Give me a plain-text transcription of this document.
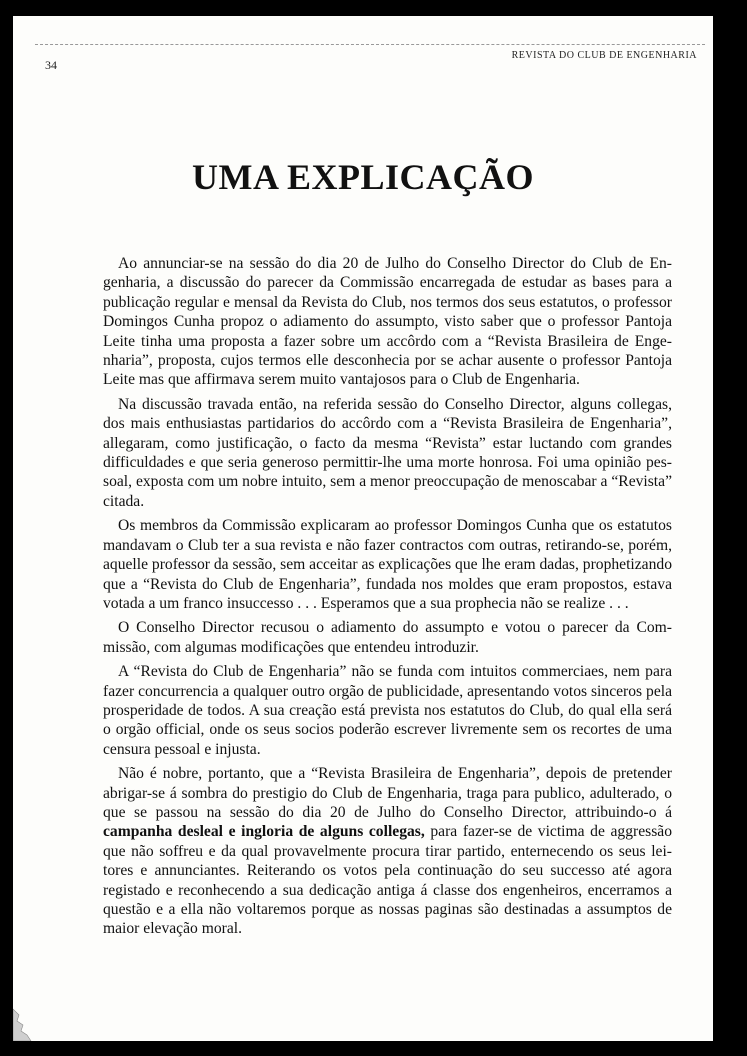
34
REVISTA DO CLUB DE ENGENHARIA
UMA EXPLICAÇÃO

Ao annunciar-se na sessão do dia 20 de Julho do Conselho Director do Club de Engenharia, a discussão do parecer da Commissão encarregada de estudar as bases para a publicação regular e mensal da Revista do Club, nos termos dos seus estatutos, o professor Domingos Cunha propoz o adiamento do assumpto, visto saber que o professor Pantoja Leite tinha uma proposta a fazer sobre um accôrdo com a “Revista Brasileira de Engenharia”, proposta, cujos termos elle desconhecia por se achar ausente o professor Pantoja Leite mas que affirmava serem muito vantajosos para o Club de Engenharia.

Na discussão travada então, na referida sessão do Conselho Director, alguns collegas, dos mais enthusiastas partidarios do accôrdo com a “Revista Brasileira de Engenharia”, allegaram, como justificação, o facto da mesma “Revista” estar luctando com grandes difficuldades e que seria generoso permittir-lhe uma morte honrosa. Foi uma opinião pessoal, exposta com um nobre intuito, sem a menor preoccupação de menoscabar a “Revista” citada.

Os membros da Commissão explicaram ao professor Domingos Cunha que os estatutos mandavam o Club ter a sua revista e não fazer contractos com outras, retirando-se, porém, aquelle professor da sessão, sem acceitar as explicações que lhe eram dadas, prophetizando que a “Revista do Club de Engenharia”, fundada nos moldes que eram propostos, estava votada a um franco insuccesso . . . Esperamos que a sua prophecia não se realize . . .

O Conselho Director recusou o adiamento do assumpto e votou o parecer da Commissão, com algumas modificações que entendeu introduzir.

A “Revista do Club de Engenharia” não se funda com intuitos commerciaes, nem para fazer concurrencia a qualquer outro orgão de publicidade, apresentando votos sinceros pela prosperidade de todos. A sua creação está prevista nos estatutos do Club, do qual ella será o orgão official, onde os seus socios poderão escrever livremente sem os recortes de uma censura pessoal e injusta.

Não é nobre, portanto, que a “Revista Brasileira de Engenharia”, depois de pretender abrigar-se á sombra do prestigio do Club de Engenharia, traga para publico, adulterado, o que se passou na sessão do dia 20 de Julho do Conselho Director, attribuindo-o á campanha desleal e ingloria de alguns collegas, para fazer-se de victima de aggressão que não soffreu e da qual provavelmente procura tirar partido, enternecendo os seus leitores e annunciantes. Reiterando os votos pela continuação do seu successo até agora registado e reconhecendo a sua dedicação antiga á classe dos engenheiros, encerramos a questão e a ella não voltaremos porque as nossas paginas são destinadas a assumptos de maior elevação moral.
